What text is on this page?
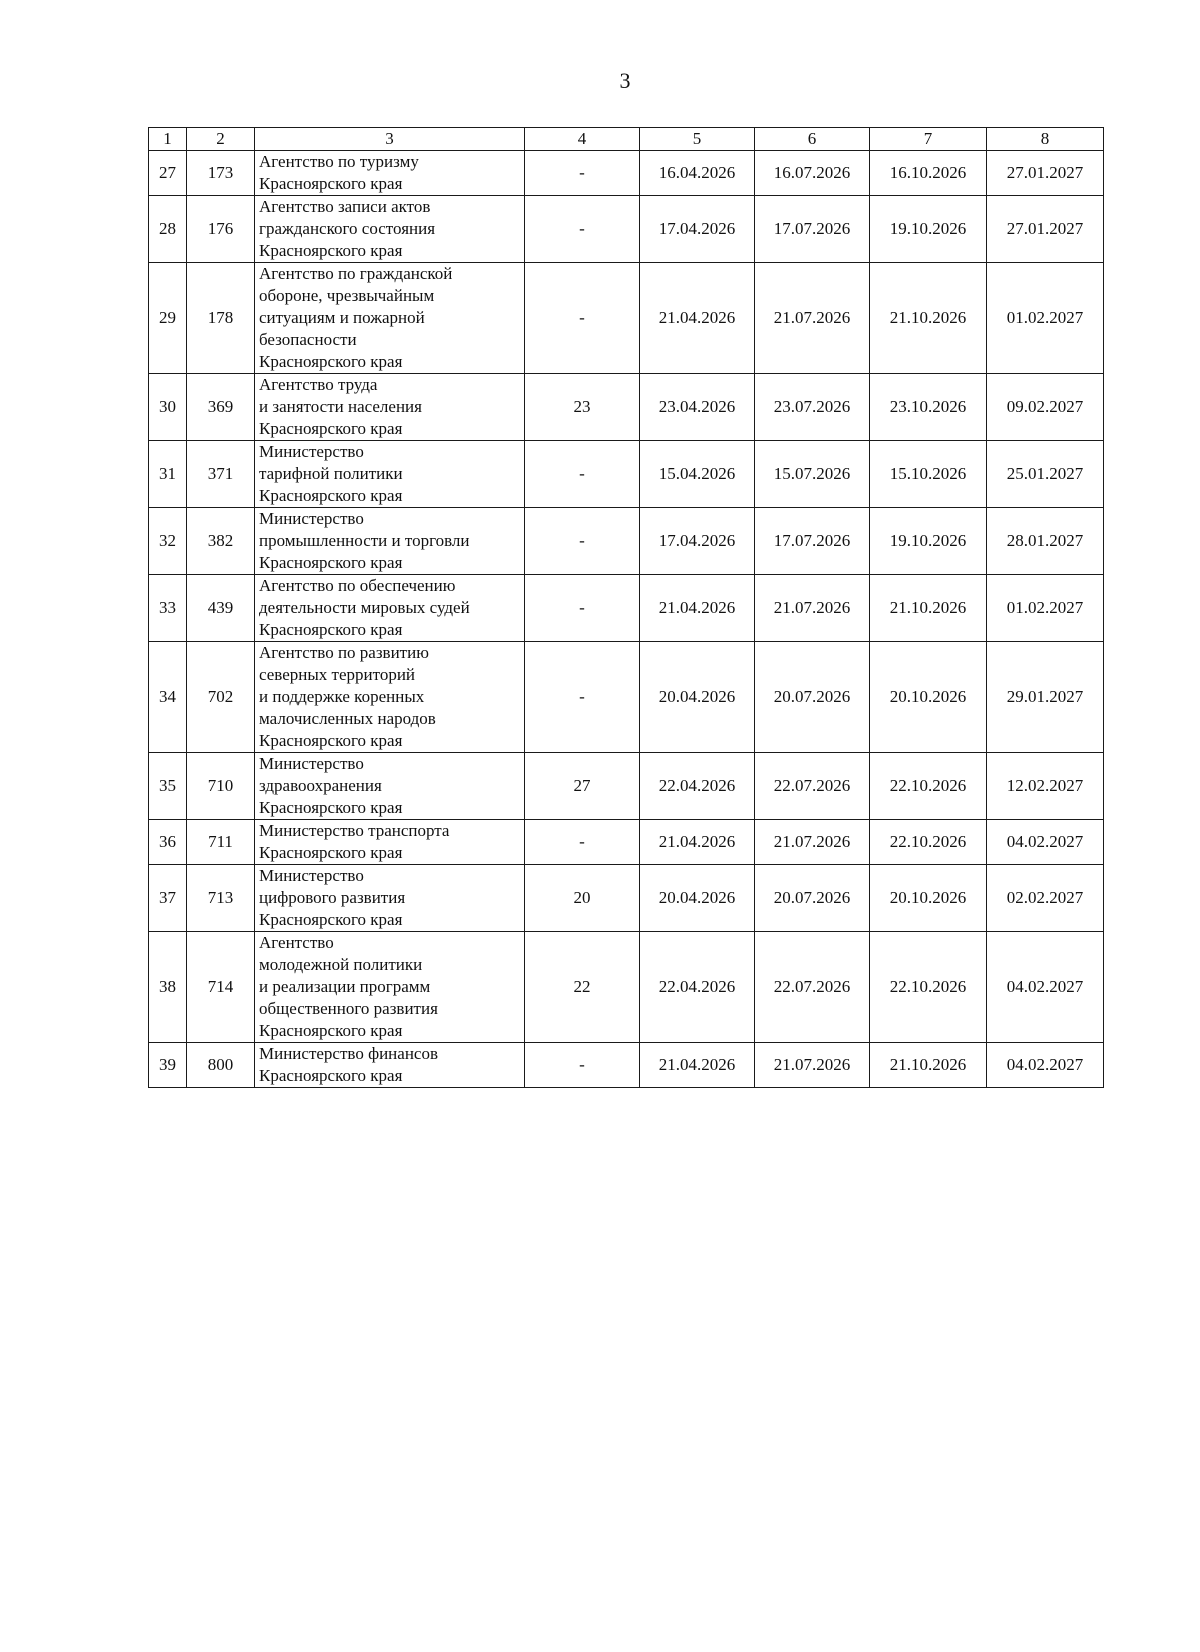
3
1	2	3	4	5	6	7	8
27	173	Агентство по туризму
Красноярского края	-	16.04.2026	16.07.2026	16.10.2026	27.01.2027
28	176	Агентство записи актов
гражданского состояния
Красноярского края	-	17.04.2026	17.07.2026	19.10.2026	27.01.2027
29	178	Агентство по гражданской
обороне, чрезвычайным
ситуациям и пожарной
безопасности
Красноярского края	-	21.04.2026	21.07.2026	21.10.2026	01.02.2027
30	369	Агентство труда
и занятости населения
Красноярского края	23	23.04.2026	23.07.2026	23.10.2026	09.02.2027
31	371	Министерство
тарифной политики
Красноярского края	-	15.04.2026	15.07.2026	15.10.2026	25.01.2027
32	382	Министерство
промышленности и торговли
Красноярского края	-	17.04.2026	17.07.2026	19.10.2026	28.01.2027
33	439	Агентство по обеспечению
деятельности мировых судей
Красноярского края	-	21.04.2026	21.07.2026	21.10.2026	01.02.2027
34	702	Агентство по развитию
северных территорий
и поддержке коренных
малочисленных народов
Красноярского края	-	20.04.2026	20.07.2026	20.10.2026	29.01.2027
35	710	Министерство
здравоохранения
Красноярского края	27	22.04.2026	22.07.2026	22.10.2026	12.02.2027
36	711	Министерство транспорта
Красноярского края	-	21.04.2026	21.07.2026	22.10.2026	04.02.2027
37	713	Министерство
цифрового развития
Красноярского края	20	20.04.2026	20.07.2026	20.10.2026	02.02.2027
38	714	Агентство
молодежной политики
и реализации программ
общественного развития
Красноярского края	22	22.04.2026	22.07.2026	22.10.2026	04.02.2027
39	800	Министерство финансов
Красноярского края	-	21.04.2026	21.07.2026	21.10.2026	04.02.2027
